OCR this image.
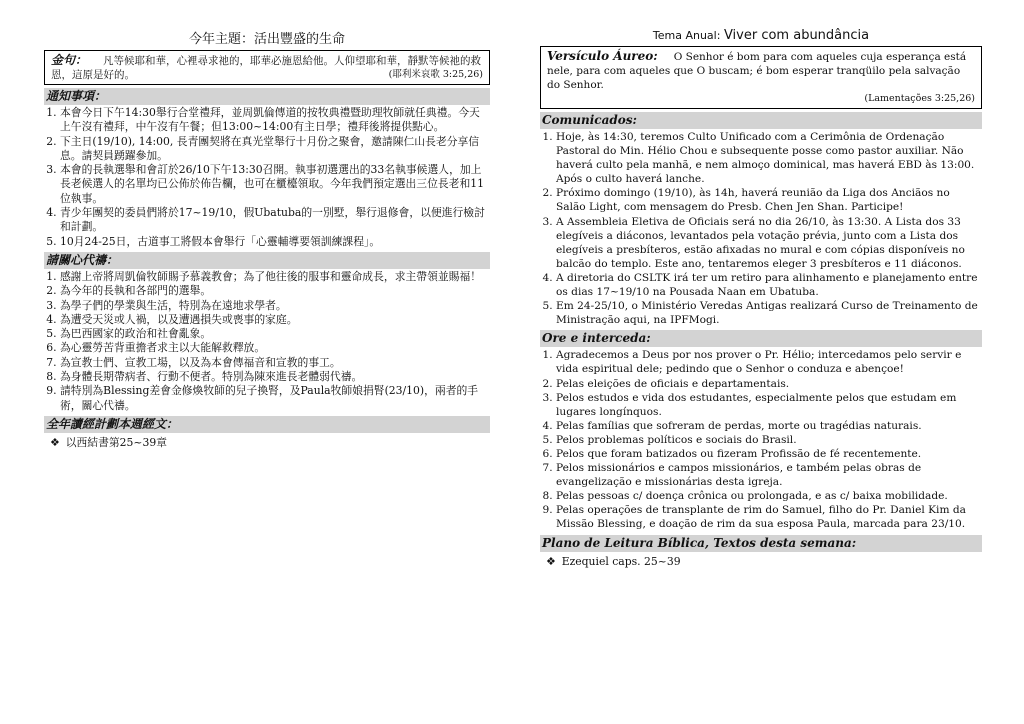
今年主題：活出豐盛的生命
金句： 凡等候耶和華，心裡尋求祂的，耶華必施恩給他。人仰望耶和華，靜默等候祂的救恩，這原是好的。	(耶利米哀歌 3:25,26)
通知事項：
1. 本會今日下午14:30舉行合堂禮拜，並周凱倫傳道的按牧典禮暨助理牧師就任典禮。今天上午沒有禮拜，中午沒有午餐；但13:00~14:00有主日學；禮拜後將提供點心。
2. 下主日(19/10), 14:00, 長青團契將在真光堂舉行十月份之聚會，邀請陳仁山長老分享信息。請契員踴躍參加。
3. 本會的長執選舉和會訂於26/10下午13:30召開。執事初選選出的33名執事候選人，加上長老候選人的名單均已公佈於佈告欄，也可在櫃檯領取。今年我們預定選出三位長老和11位執事。
4. 青少年團契的委員們將於17~19/10，假Ubatuba的一別墅，舉行退修會，以便進行檢討和計劃。
5. 10月24-25日，古道事工將假本會舉行「心靈輔導要領訓練課程」。
請關心代禱：
1. 感謝上帝將周凱倫牧師賜予慕義教會；為了他往後的服事和靈命成長，求主帶領並賜福！
2. 為今年的長執和各部門的選舉。
3. 為學子們的學業與生活，特別為在遠地求學者。
4. 為遭受天災或人禍，以及遭遇損失或喪事的家庭。
5. 為巴西國家的政治和社會亂象。
6. 為心靈勞苦背重擔者求主以大能解救釋放。
7. 為宣教士們、宣教工場，以及為本會傳福音和宣教的事工。
8. 為身體長期帶病者、行動不便者。特別為陳來進長老體弱代禱。
9. 請特別為Blessing差會金修煥牧師的兒子換腎，及Paula牧師娘捐腎(23/10)，兩者的手術，關心代禱。
全年讀經計劃本週經文：
❖ 以西結書第25~39章
Tema Anual: Viver com abundância
Versículo Áureo: O Senhor é bom para com aqueles cuja esperança está nele, para com aqueles que O buscam; é bom esperar tranqüilo pela salvação do Senhor.
(Lamentações 3:25,26)
Comunicados:
1. Hoje, às 14:30, teremos Culto Unificado com a Cerimônia de Ordenação Pastoral do Min. Hélio Chou e subsequente posse como pastor auxiliar. Não haverá culto pela manhã, e nem almoço dominical, mas haverá EBD às 13:00. Após o culto haverá lanche.
2. Próximo domingo (19/10), às 14h, haverá reunião da Liga dos Anciãos no Salão Light, com mensagem do Presb. Chen Jen Shan. Participe!
3. A Assembleia Eletiva de Oficiais será no dia 26/10, às 13:30. A Lista dos 33 elegíveis a diáconos, levantados pela votação prévia, junto com a Lista dos elegíveis a presbíteros, estão afixadas no mural e com cópias disponíveis no balcão do templo. Este ano, tentaremos eleger 3 presbíteros e 11 diáconos.
4. A diretoria do CSLTK irá ter um retiro para alinhamento e planejamento entre os dias 17~19/10 na Pousada Naan em Ubatuba.
5. Em 24-25/10, o Ministério Veredas Antigas realizará Curso de Treinamento de Ministração aqui, na IPFMogi.
Ore e interceda:
1. Agradecemos a Deus por nos prover o Pr. Hélio; intercedamos pelo servir e vida espiritual dele; pedindo que o Senhor o conduza e abençoe!
2. Pelas eleições de oficiais e departamentais.
3. Pelos estudos e vida dos estudantes, especialmente pelos que estudam em lugares longínquos.
4. Pelas famílias que sofreram de perdas, morte ou tragédias naturais.
5. Pelos problemas políticos e sociais do Brasil.
6. Pelos que foram batizados ou fizeram Profissão de fé recentemente.
7. Pelos missionários e campos missionários, e também pelas obras de evangelização e missionárias desta igreja.
8. Pelas pessoas c/ doença crônica ou prolongada, e as c/ baixa mobilidade.
9. Pelas operações de transplante de rim do Samuel, filho do Pr. Daniel Kim da Missão Blessing, e doação de rim da sua esposa Paula, marcada para 23/10.
Plano de Leitura Bíblica, Textos desta semana:
❖ Ezequiel caps. 25~39
